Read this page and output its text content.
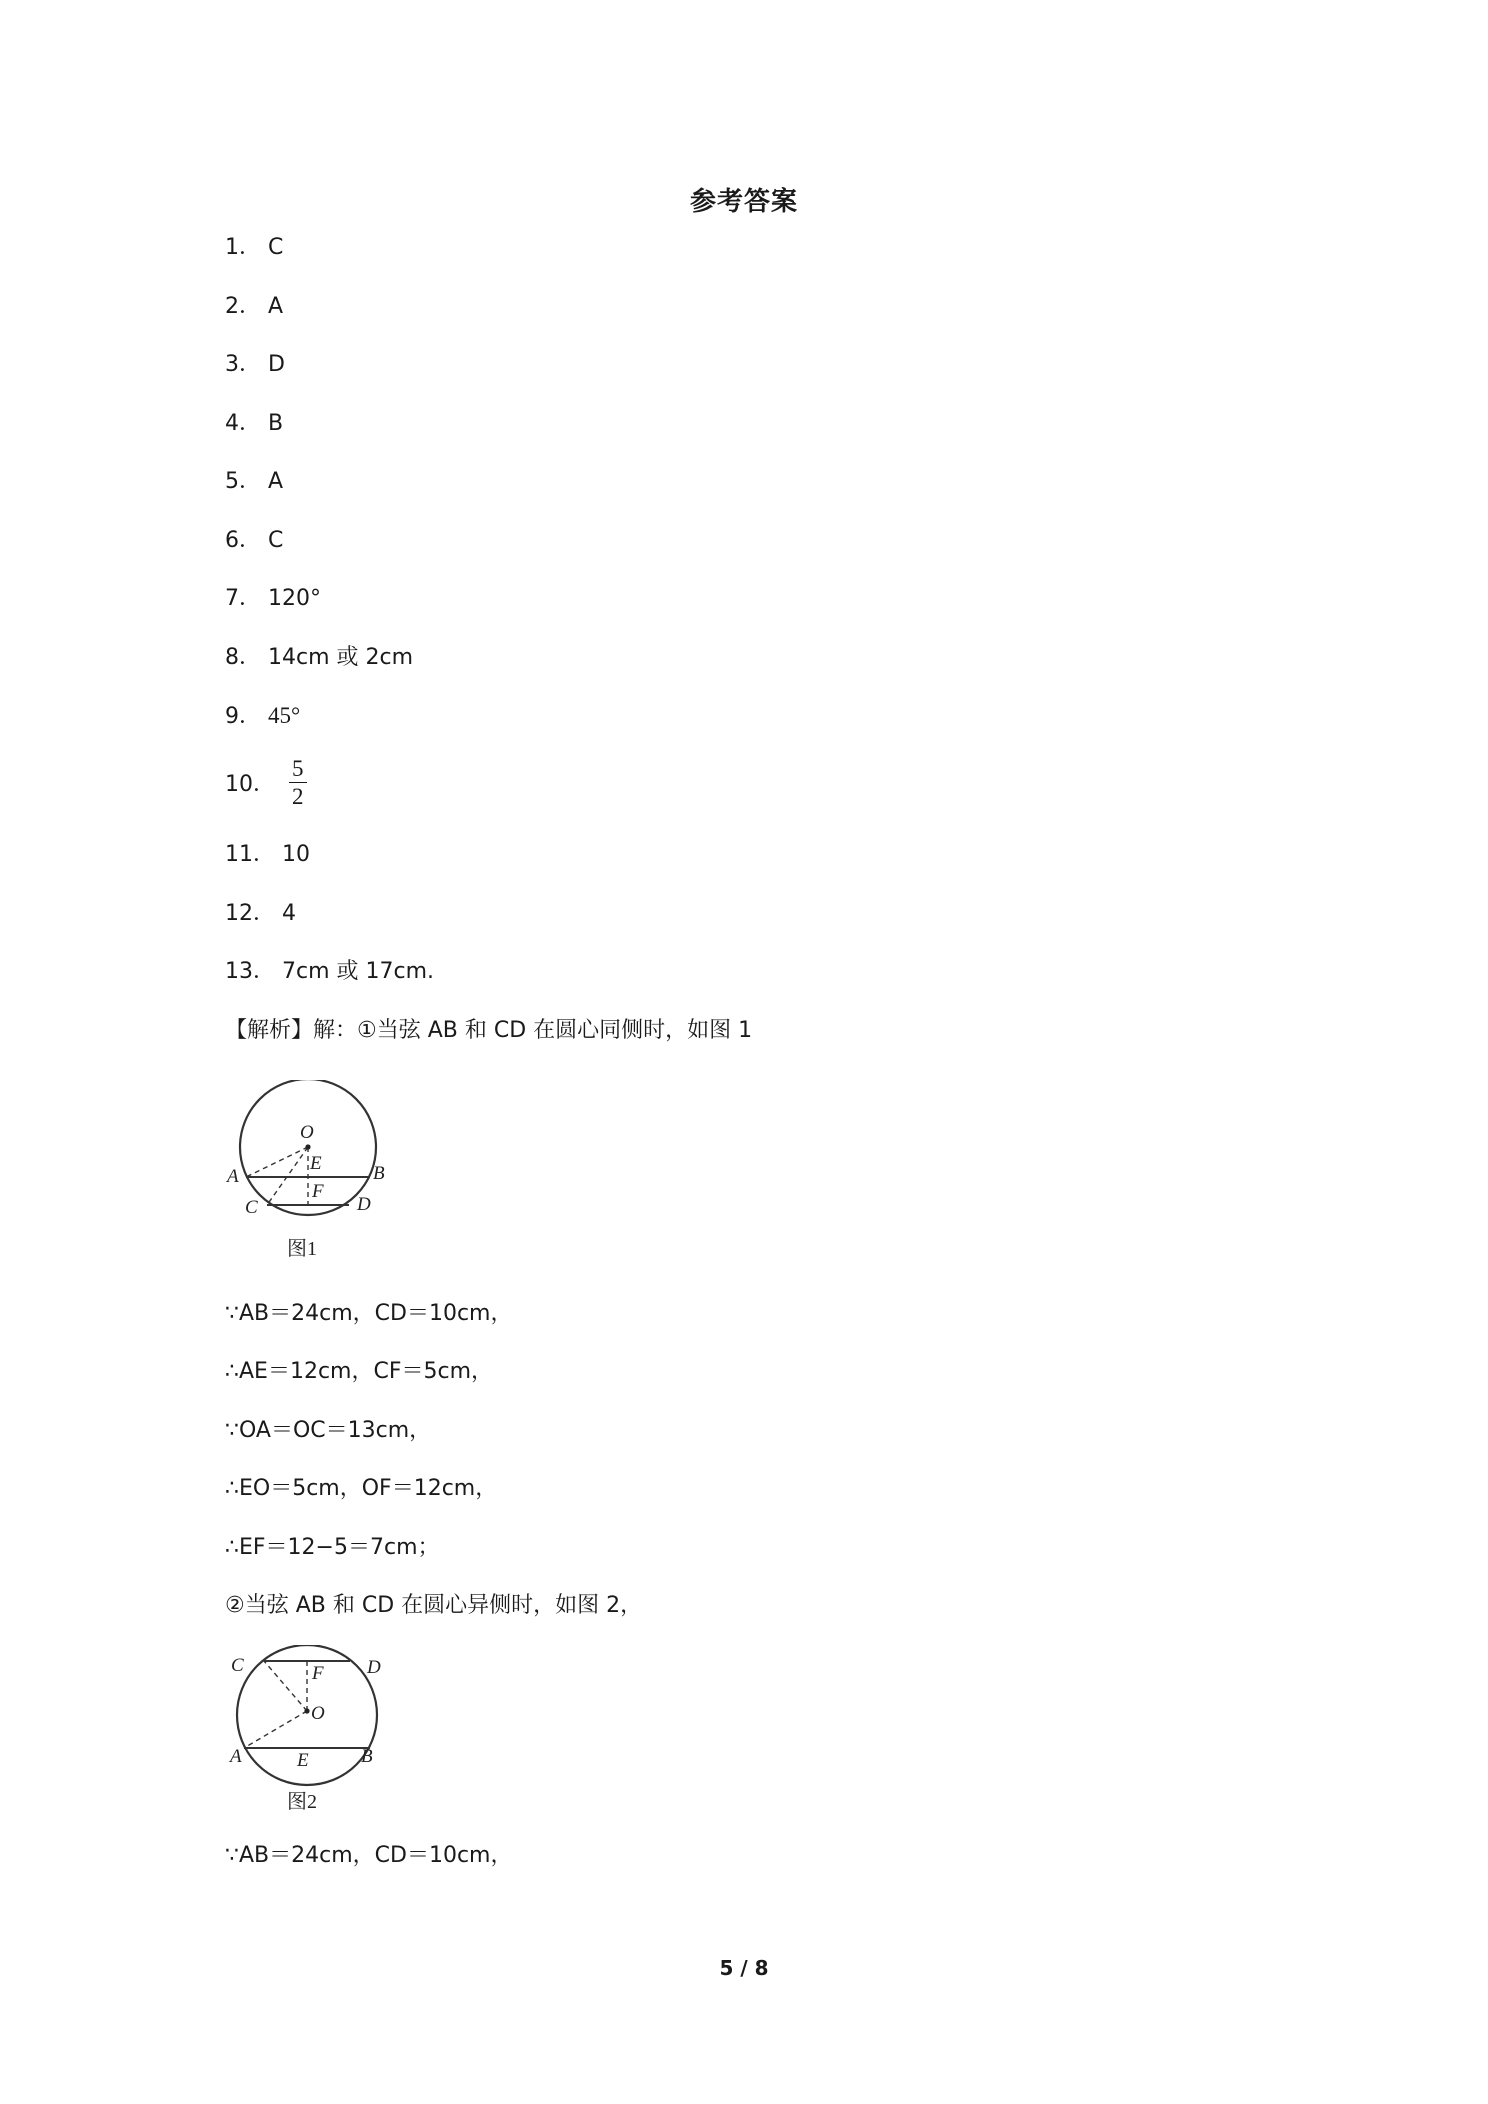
参考答案
1． C
2． A
3． D
4． B
5． A
6． C
7． 120°
8． 14cm 或 2cm
9． 45°
10． $\frac{5}{2}$
11． 10
12． 4
13． 7cm 或 17cm.
【解析】解：①当弦 AB 和 CD 在圆心同侧时，如图 1
O
E
F
A	B
C	D
图1
∵AB＝24cm，CD＝10cm，
∴AE＝12cm，CF＝5cm，
∵OA＝OC＝13cm，
∴EO＝5cm，OF＝12cm，
∴EF＝12−5＝7cm；
②当弦 AB 和 CD 在圆心异侧时，如图 2，
C	D
F
O
A	E	B
图2
∵AB＝24cm，CD＝10cm，
5 / 8
